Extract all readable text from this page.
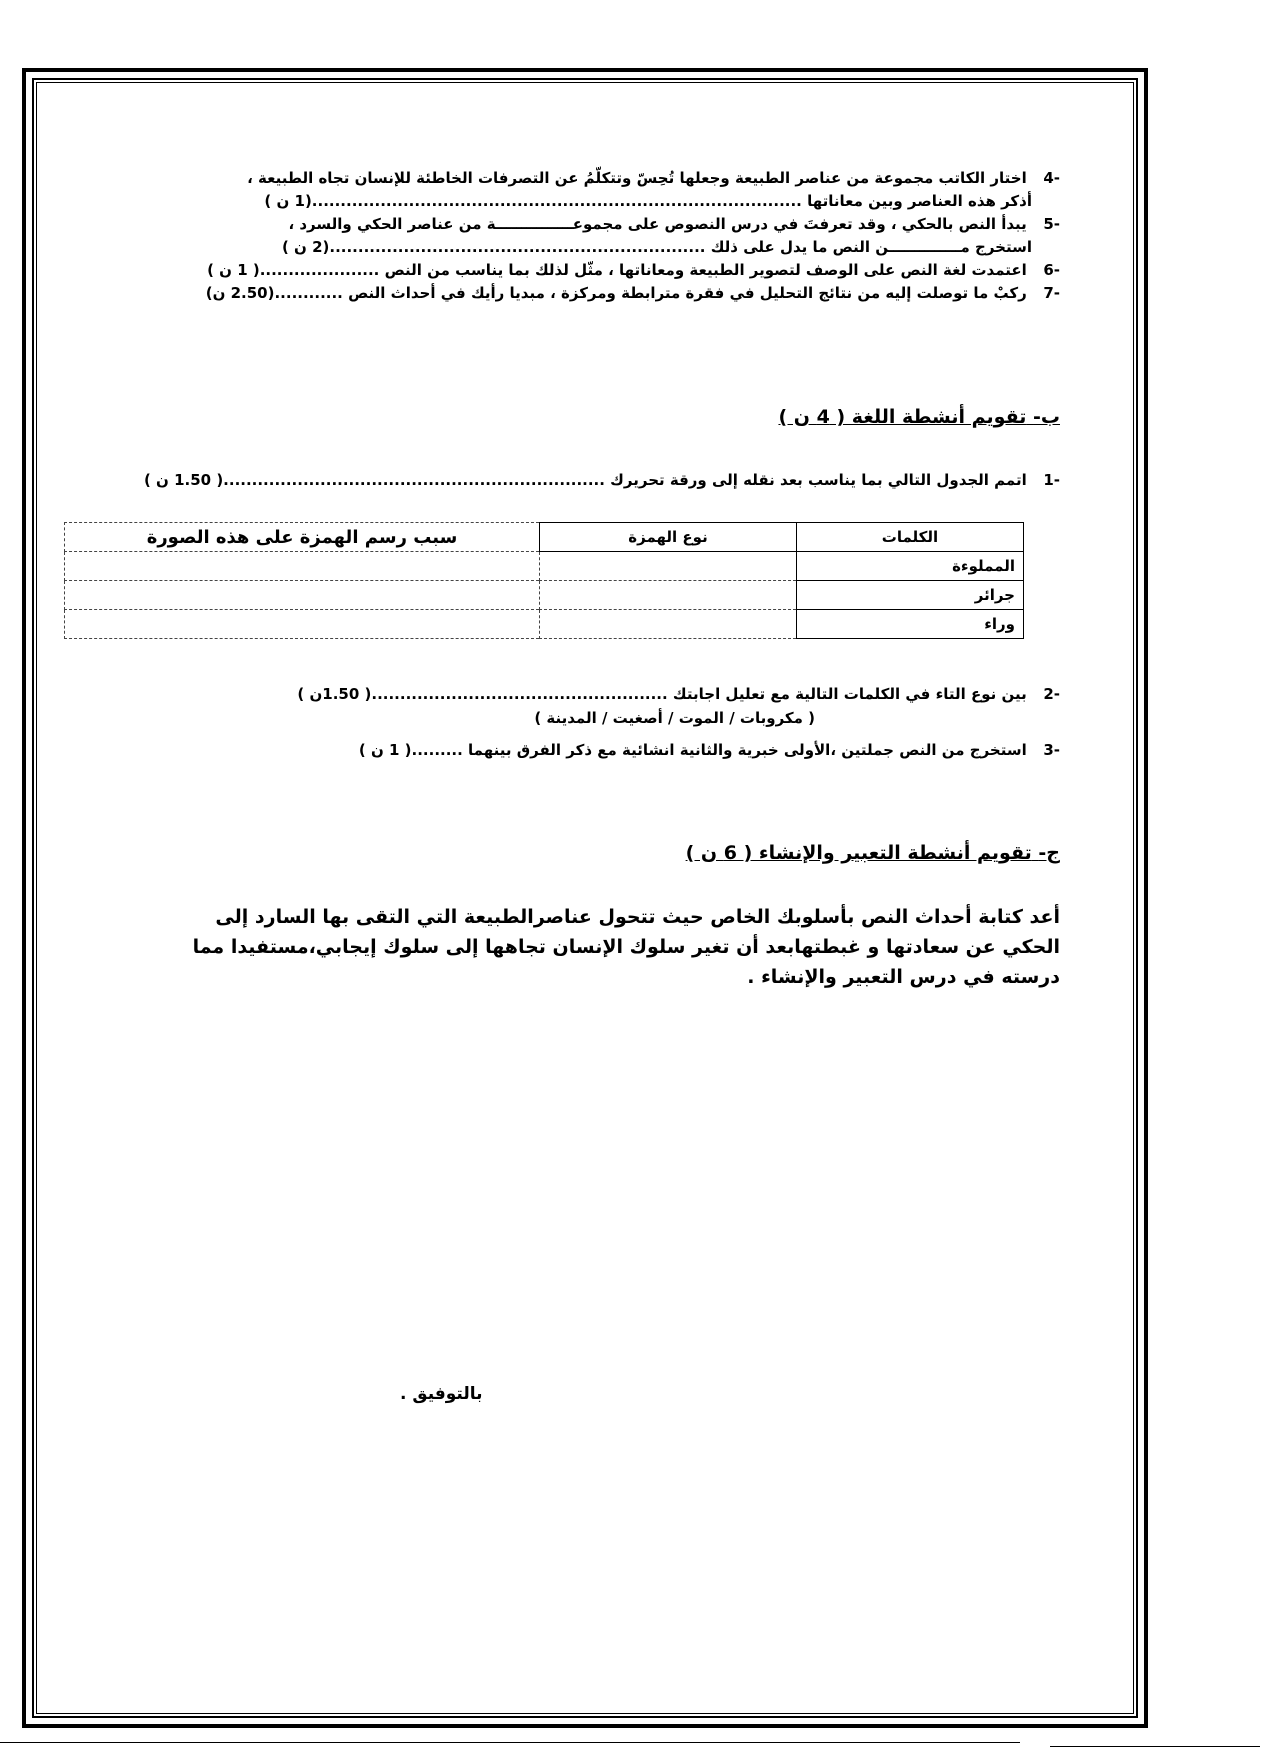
-4 اختار الكاتب مجموعة من عناصر الطبيعة وجعلها تُحِسّ وتتكلّمُ عن التصرفات الخاطئة للإنسان تجاه الطبيعة ،
أذكر هذه العناصر وبين معاناتها ......................................................................................(1 ن )
-5 يبدأ النص بالحكي ، وقد تعرفتَ في درس النصوص على مجموعـــــــــــــــة من عناصر الحكي والسرد ،
استخرج مــــــــــــــن النص ما يدل على ذلك ..................................................................(2 ن )
-6 اعتمدت لغة النص على الوصف لتصوير الطبيعة ومعاناتها ، مثّل لذلك بما يناسب من النص .....................( 1 ن )
-7 ركبْ ما توصلت إليه من نتائج التحليل في فقرة مترابطة ومركزة ، مبديا رأيك في أحداث النص ............(2.50 ن)
ب- تقويم أنشطة اللغة ( 4 ن )
-1 اتمم الجدول التالي بما يناسب بعد نقله إلى ورقة تحريرك ...................................................................( 1.50 ن )
الكلمات	نوع الهمزة	سبب رسم الهمزة على هذه الصورة
المملوءة		
جرائر		
وراء		
-2 بين نوع التاء في الكلمات التالية مع تعليل اجابتك ....................................................( 1.50ن )
( مكروبات / الموت / أصغيت / المدينة )
-3 استخرج من النص جملتين ،الأولى خبرية والثانية انشائية مع ذكر الفرق بينهما .........( 1 ن )
ج- تقويم أنشطة التعبير والإنشاء ( 6 ن )
أعد كتابة أحداث النص بأسلوبك الخاص حيث تتحول عناصرالطبيعة التي التقى بها السارد إلى الحكي عن سعادتها و غبطتهابعد أن تغير سلوك الإنسان تجاهها إلى سلوك إيجابي،مستفيدا مما درسته في درس التعبير والإنشاء .
بالتوفيق .
